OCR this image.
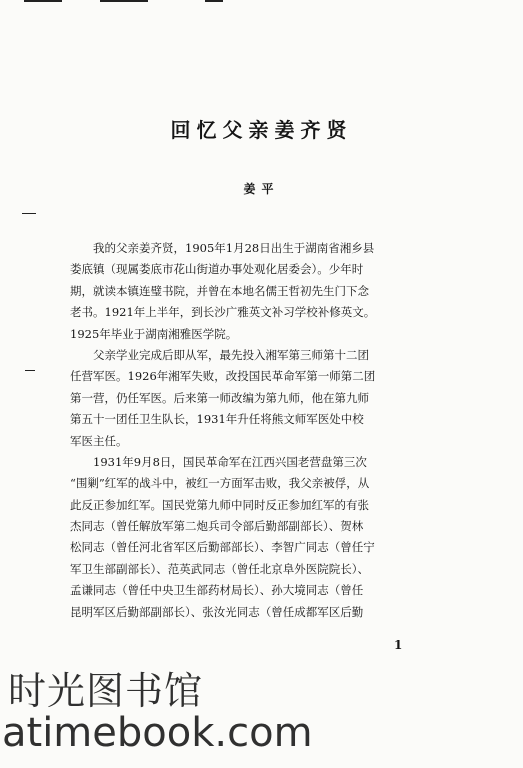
回忆父亲姜齐贤
姜平
我的父亲姜齐贤，1905年1月28日出生于湖南省湘乡县
娄底镇（现属娄底市花山街道办事处观化居委会）。少年时
期，就读本镇连璧书院，并曾在本地名儒王哲初先生门下念
老书。1921年上半年，到长沙广雅英文补习学校补修英文。
1925年毕业于湖南湘雅医学院。
父亲学业完成后即从军，最先投入湘军第三师第十二团
任营军医。1926年湘军失败，改投国民革命军第一师第二团
第一营，仍任军医。后来第一师改编为第九师，他在第九师
第五十一团任卫生队长，1931年升任将熊文师军医处中校
军医主任。
1931年9月8日，国民革命军在江西兴国老营盘第三次
“围剿”红军的战斗中，被红一方面军击败，我父亲被俘，从
此反正参加红军。国民党第九师中同时反正参加红军的有张
杰同志（曾任解放军第二炮兵司令部后勤部副部长）、贺林
松同志（曾任河北省军区后勤部部长）、李智广同志（曾任宁
军卫生部副部长）、范英武同志（曾任北京阜外医院院长）、
孟谦同志（曾任中央卫生部药材局长）、孙大境同志（曾任
昆明军区后勤部副部长）、张汝光同志（曾任成都军区后勤
1
时光图书馆
atimebook.com
